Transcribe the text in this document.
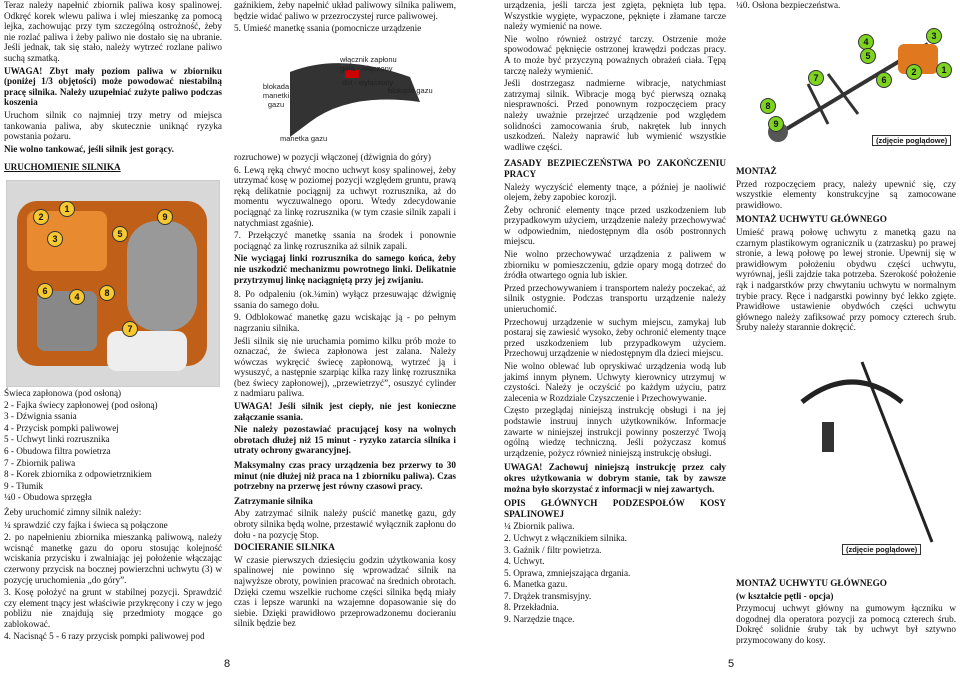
Teraz należy napełnić zbiornik paliwa kosy spalinowej. Odkręć korek wlewu paliwa i wlej mieszankę za pomocą lejka, zachowując przy tym szczególną ostrożność, żeby nie rozlać paliwa i żeby paliwo nie dostało się na ubranie. Jeśli jednak, tak się stało, należy wytrzeć rozlane paliwo suchą szmatką.

UWAGA! Zbyt mały poziom paliwa w zbiorniku (poniżej 1/3 objętości) może powodować niestabilną pracę silnika. Należy uzupełniać zużyte paliwo podczas koszenia

Uruchom silnik co najmniej trzy metry od miejsca tankowania paliwa, aby skutecznie uniknąć ryzyka powstania pożaru.

Nie wolno tankować, jeśli silnik jest gorący.

URUCHOMIENIE SILNIKA

1
2
3	5
9
6
4	8
7
Świeca zapłonowa (pod osłoną)
2 - Fajka świecy zapłonowej (pod osłoną)
3 - Dźwignia ssania
4 - Przycisk pompki paliwowej
5 - Uchwyt linki rozrusznika
6 - Obudowa filtra powietrza
7 - Zbiornik paliwa
8 - Korek zbiornika z odpowietrznikiem
9 - Tłumik
¼0 - Obudowa sprzęgła

Żeby uruchomić zimny silnik należy:

¼ sprawdzić czy fajka i świeca są połączone

2. po napełnieniu zbiornika mieszanką paliwową, należy wcisnąć manetkę gazu do oporu stosując kolejność wciskania przycisku i zwalniając jej położenie włączając czerwony przycisk na bocznej powierzchni uchwytu (3) w pozycję uruchomienia „do góry”.

3. Kosę położyć na grunt w stabilnej pozycji. Sprawdzić czy element tnący jest właściwie przykręcony i czy w jego pobliżu nie znajdują się przedmioty mogące go zablokować.

4. Nacisnąć 5 - 6 razy przycisk pompki paliwowej pod

gaźnikiem, żeby napełnić układ paliwowy silnika paliwem, będzie widać paliwo w przezroczystej rurce paliwowej.

5. Umieść manetkę ssania (pomocnicze urządzenie

włącznik zapłonu
góra - włączony
dół - wyłączony
blokada gazu
blokada manetki gazu
manetka gazu

rozruchowe) w pozycji włączonej (dźwignia do góry)

6. Lewą ręką chwyć mocno uchwyt kosy spalinowej, żeby utrzymać kosę w poziomej pozycji względem gruntu, prawą ręką delikatnie pociągnij za uchwyt rozrusznika, aż do momentu wyczuwalnego oporu. Wtedy zdecydowanie pociągnąć za linkę rozrusznika (w tym czasie silnik zapali i natychmiast zgaśnie).

7. Przełączyć manetkę ssania na środek i ponownie pociągnąć za linkę rozrusznika aż silnik zapali.

Nie wyciągaj linki rozrusznika do samego końca, żeby nie uszkodzić mechanizmu powrotnego linki. Delikatnie przytrzymuj linkę naciągniętą przy jej zwijaniu.

8. Po odpaleniu (ok.¼min) wyłącz przesuwając dźwignię ssania do samego dołu.

9. Odblokować manetkę gazu wciskając ją - po pełnym nagrzaniu silnika.

Jeśli silnik się nie uruchamia pomimo kilku prób może to oznaczać, że świeca zapłonowa jest zalana. Należy wówczas wykręcić świecę zapłonową, wytrzeć ją i wysuszyć, a następnie szarpiąc kilka razy linkę rozrusznika (bez świecy zapłonowej), „przewietrzyć”, osuszyć cylinder z nadmiaru paliwa.

UWAGA! Jeśli silnik jest ciepły, nie jest konieczne załączanie ssania.

Nie należy pozostawiać pracującej kosy na wolnych obrotach dłużej niż 15 minut - ryzyko zatarcia silnika i utraty ochrony gwarancyjnej.

Maksymalny czas pracy urządzenia bez przerwy to 30 minut (nie dłużej niż praca na 1 zbiorniku paliwa). Czas potrzebny na przerwę jest równy czasowi pracy.

Zatrzymanie silnika

Aby zatrzymać silnik należy puścić manetkę gazu, gdy obroty silnika będą wolne, przestawić wyłącznik zapłonu do dołu - na pozycję Stop.

DOCIERANIE SILNIKA

W czasie pierwszych dziesięciu godzin użytkowania kosy spalinowej nie powinno się wprowadzać silnik na najwyższe obroty, powinien pracować na średnich obrotach. Dzięki czemu wszelkie ruchome części silnika będą miały czas i lepsze warunki na wzajemne dopasowanie się do siebie. Dzięki prawidłowo przeprowadzonemu docieraniu silnik będzie bez

8

urządzenia, jeśli tarcza jest zgięta, pęknięta lub tępa. Wszystkie wygięte, wypaczone, pęknięte i złamane tarcze należy wymienić na nowe.

Nie wolno również ostrzyć tarczy. Ostrzenie może spowodować pęknięcie ostrzonej krawędzi podczas pracy. A to może być przyczyną poważnych obrażeń ciała. Tępą tarczę należy wymienić.

Jeśli dostrzegasz nadmierne wibracje, natychmiast zatrzymaj silnik. Wibracje mogą być pierwszą oznaką niesprawności. Przed ponownym rozpoczęciem pracy należy uważnie przejrzeć urządzenie pod względem solidności zamocowania śrub, nakrętek lub innych uszkodzeń. Należy naprawić lub wymienić wszystkie wadliwe części.

ZASADY BEZPIECZEŃSTWA PO ZAKOŃCZENIU PRACY

Należy wyczyścić elementy tnące, a później je naoliwić olejem, żeby zapobiec korozji.

Żeby ochronić elementy tnące przed uszkodzeniem lub przypadkowym użyciem, urządzenie należy przechowywać w odpowiednim, niedostępnym dla osób postronnych miejscu.

Nie wolno przechowywać urządzenia z paliwem w zbiorniku w pomieszczeniu, gdzie opary mogą dotrzeć do źródła otwartego ognia lub iskier.

Przed przechowywaniem i transportem należy poczekać, aż silnik ostygnie. Podczas transportu urządzenie należy unieruchomić.

Przechowuj urządzenie w suchym miejscu, zamykaj lub postaraj się zawiesić wysoko, żeby ochronić elementy tnące przed uszkodzeniem lub przypadkowym użyciem. Przechowuj urządzenie w niedostępnym dla dzieci miejscu.

Nie wolno oblewać lub opryskiwać urządzenia wodą lub jakimś innym płynem. Uchwyty kierownicy utrzymuj w czystości. Należy je oczyścić po każdym użyciu, patrz zalecenia w Rozdziale Czyszczenie i Przechowywanie.

Często przeglądaj niniejszą instrukcję obsługi i na jej podstawie instruuj innych użytkowników. Informacje zawarte w niniejszej instrukcji powinny poszerzyć Twoją ogólną wiedzę techniczną. Jeśli pożyczasz komuś urządzenie, pożycz również niniejszą instrukcję obsługi.

UWAGA! Zachowuj niniejszą instrukcję przez cały okres użytkowania w dobrym stanie, tak by zawsze można było skorzystać z informacji w niej zawartych.

OPIS GŁÓWNYCH PODZESPOŁÓW KOSY SPALINOWEJ

¼ Zbiornik paliwa.
2. Uchwyt z włącznikiem silnika.
3. Gaźnik / filtr powietrza.
4. Uchwyt.
5. Oprawa, zmniejszająca drgania.
6. Manetka gazu.
7. Drążek transmisyjny.
8. Przekładnia.
9. Narzędzie tnące.
5

¼0. Osłona bezpieczeństwa.

4
5
3
1
2
6
7
8
9
(zdjęcie poglądowe)

MONTAŻ

Przed rozpoczęciem pracy, należy upewnić się, czy wszystkie elementy konstrukcyjne są zamocowane prawidłowo.

MONTAŻ UCHWYTU GŁÓWNEGO

Umieść prawą połowę uchwytu z manetką gazu na czarnym plastikowym ogranicznik u (zatrzasku) po prawej stronie, a lewą połowę po lewej stronie. Upewnij się w prawidłowym położeniu obydwu części uchwytu, wyrównaj, jeśli zajdzie taka potrzeba. Szerokość położenie rąk i nadgarstków przy chwytaniu uchwytu w normalnym trybie pracy. Ręce i nadgarstki powinny być lekko zgięte. Prawidłowe ustawienie obydwóch części uchwytu głównego należy zafiksować przy pomocy czterech śrub. Śruby należy starannie dokręcić.

(zdjęcie poglądowe)

MONTAŻ UCHWYTU GŁÓWNEGO

(w kształcie pętli - opcja)

Przymocuj uchwyt główny na gumowym łączniku w dogodnej dla operatora pozycji za pomocą czterech śrub. Dokręć solidnie śruby tak by uchwyt był sztywno przymocowany do kosy.
